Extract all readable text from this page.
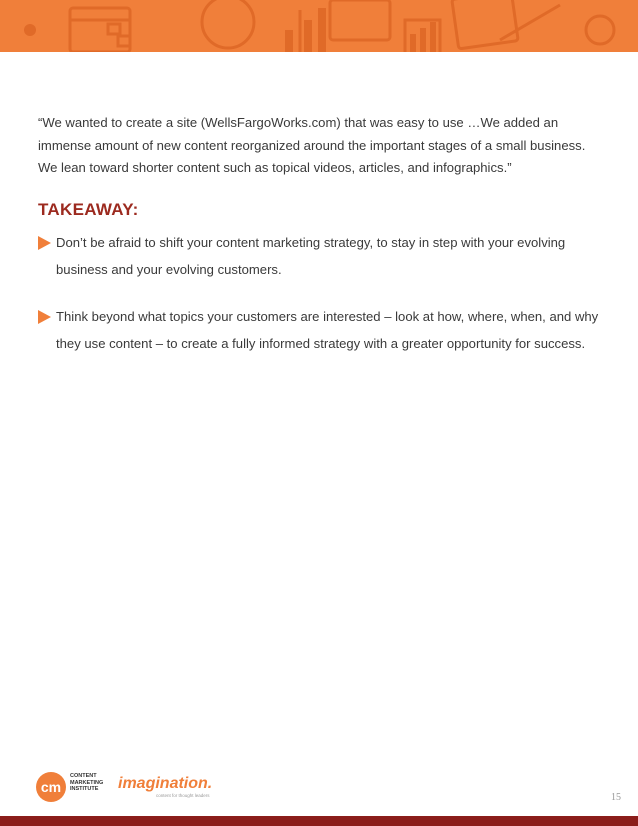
“We wanted to create a site (WellsFargoWorks.com) that was easy to use …We added an
immense amount of new content reorganized around the important stages of a small business.
We lean toward shorter content such as topical videos, articles, and infographics.”
TAKEAWAY:
Don’t be afraid to shift your content marketing strategy, to stay in step with your evolving
business and your evolving customers.
Think beyond what topics your customers are interested – look at how, where, when, and why
they use content – to create a fully informed strategy with a greater opportunity for success.
cm
CONTENT
MARKETING
INSTITUTE	imagination.
content for thought leaders	15
